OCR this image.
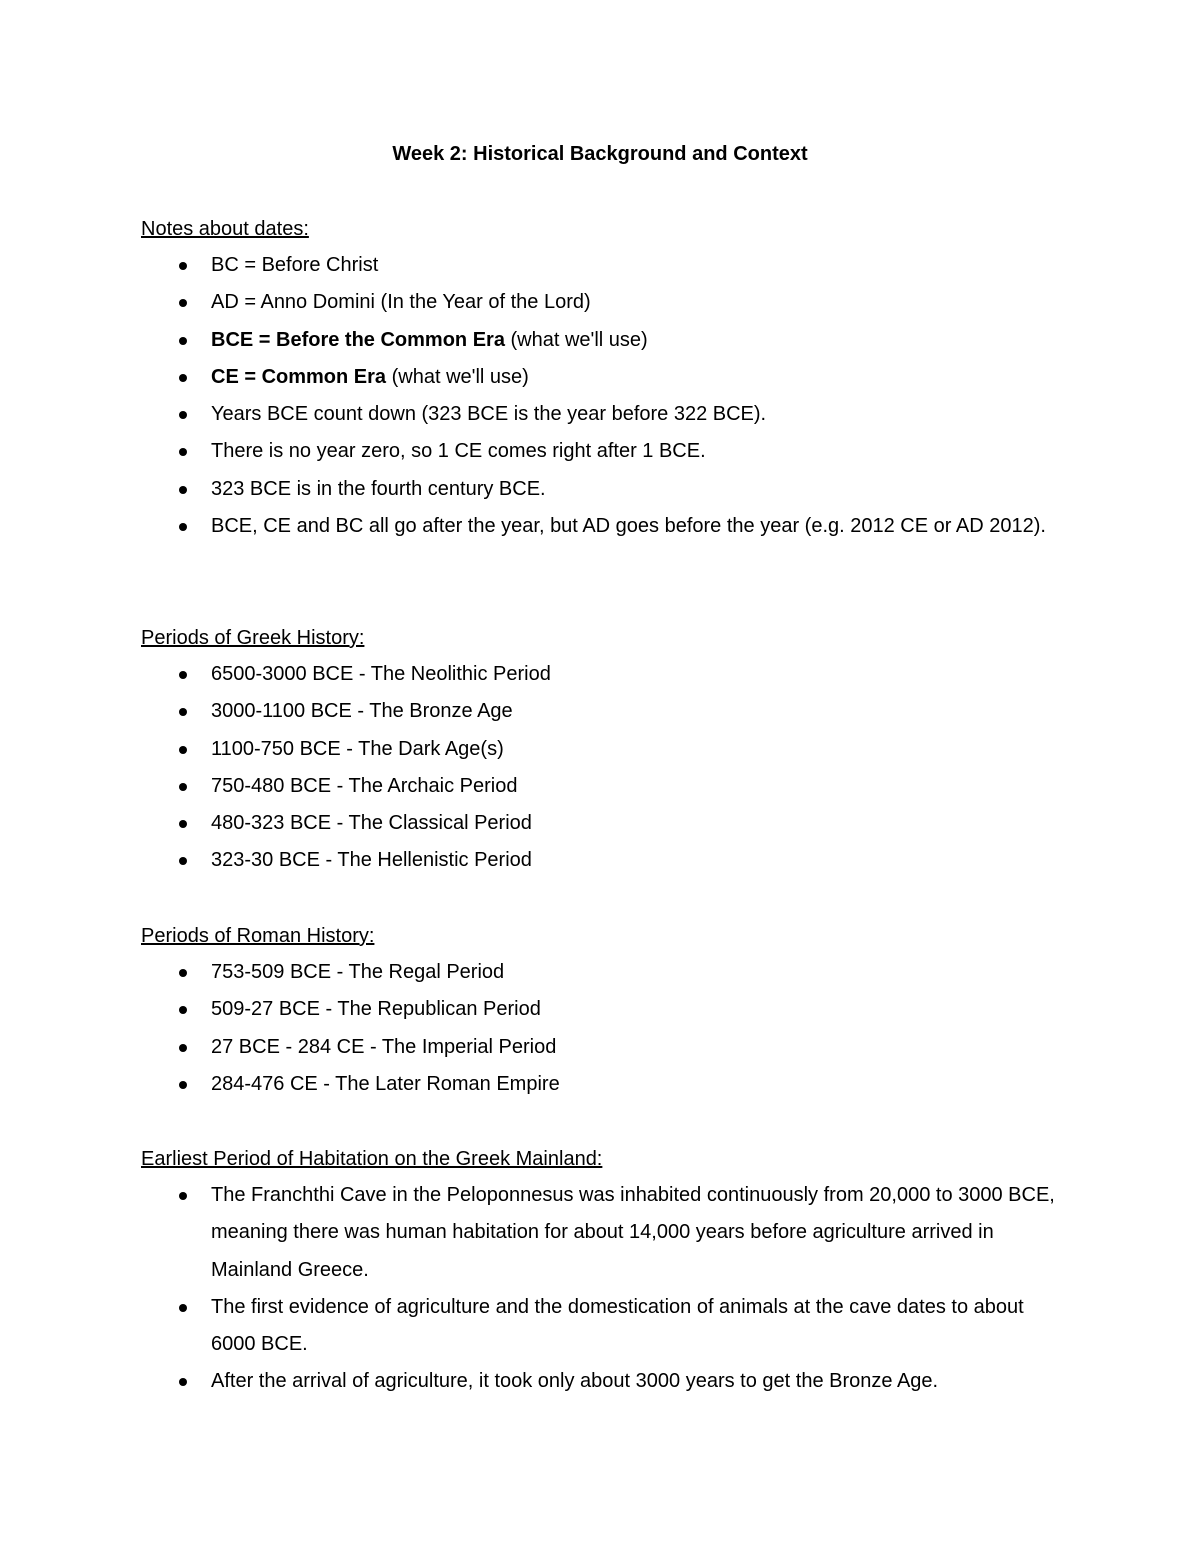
Week 2: Historical Background and Context

Notes about dates:

BC = Before Christ
AD = Anno Domini (In the Year of the Lord)
BCE = Before the Common Era (what we'll use)
CE = Common Era (what we'll use)
Years BCE count down (323 BCE is the year before 322 BCE).
There is no year zero, so 1 CE comes right after 1 BCE.
323 BCE is in the fourth century BCE.
BCE, CE and BC all go after the year, but AD goes before the year (e.g. 2012 CE or AD 2012).

Periods of Greek History:

6500-3000 BCE - The Neolithic Period
3000-1100 BCE - The Bronze Age
1100-750 BCE - The Dark Age(s)
750-480 BCE - The Archaic Period
480-323 BCE - The Classical Period
323-30 BCE - The Hellenistic Period

Periods of Roman History:

753-509 BCE - The Regal Period
509-27 BCE - The Republican Period
27 BCE - 284 CE - The Imperial Period
284-476 CE - The Later Roman Empire

Earliest Period of Habitation on the Greek Mainland:

The Franchthi Cave in the Peloponnesus was inhabited continuously from 20,000 to 3000 BCE, meaning there was human habitation for about 14,000 years before agriculture arrived in Mainland Greece.
The first evidence of agriculture and the domestication of animals at the cave dates to about 6000 BCE.
After the arrival of agriculture, it took only about 3000 years to get the Bronze Age.
